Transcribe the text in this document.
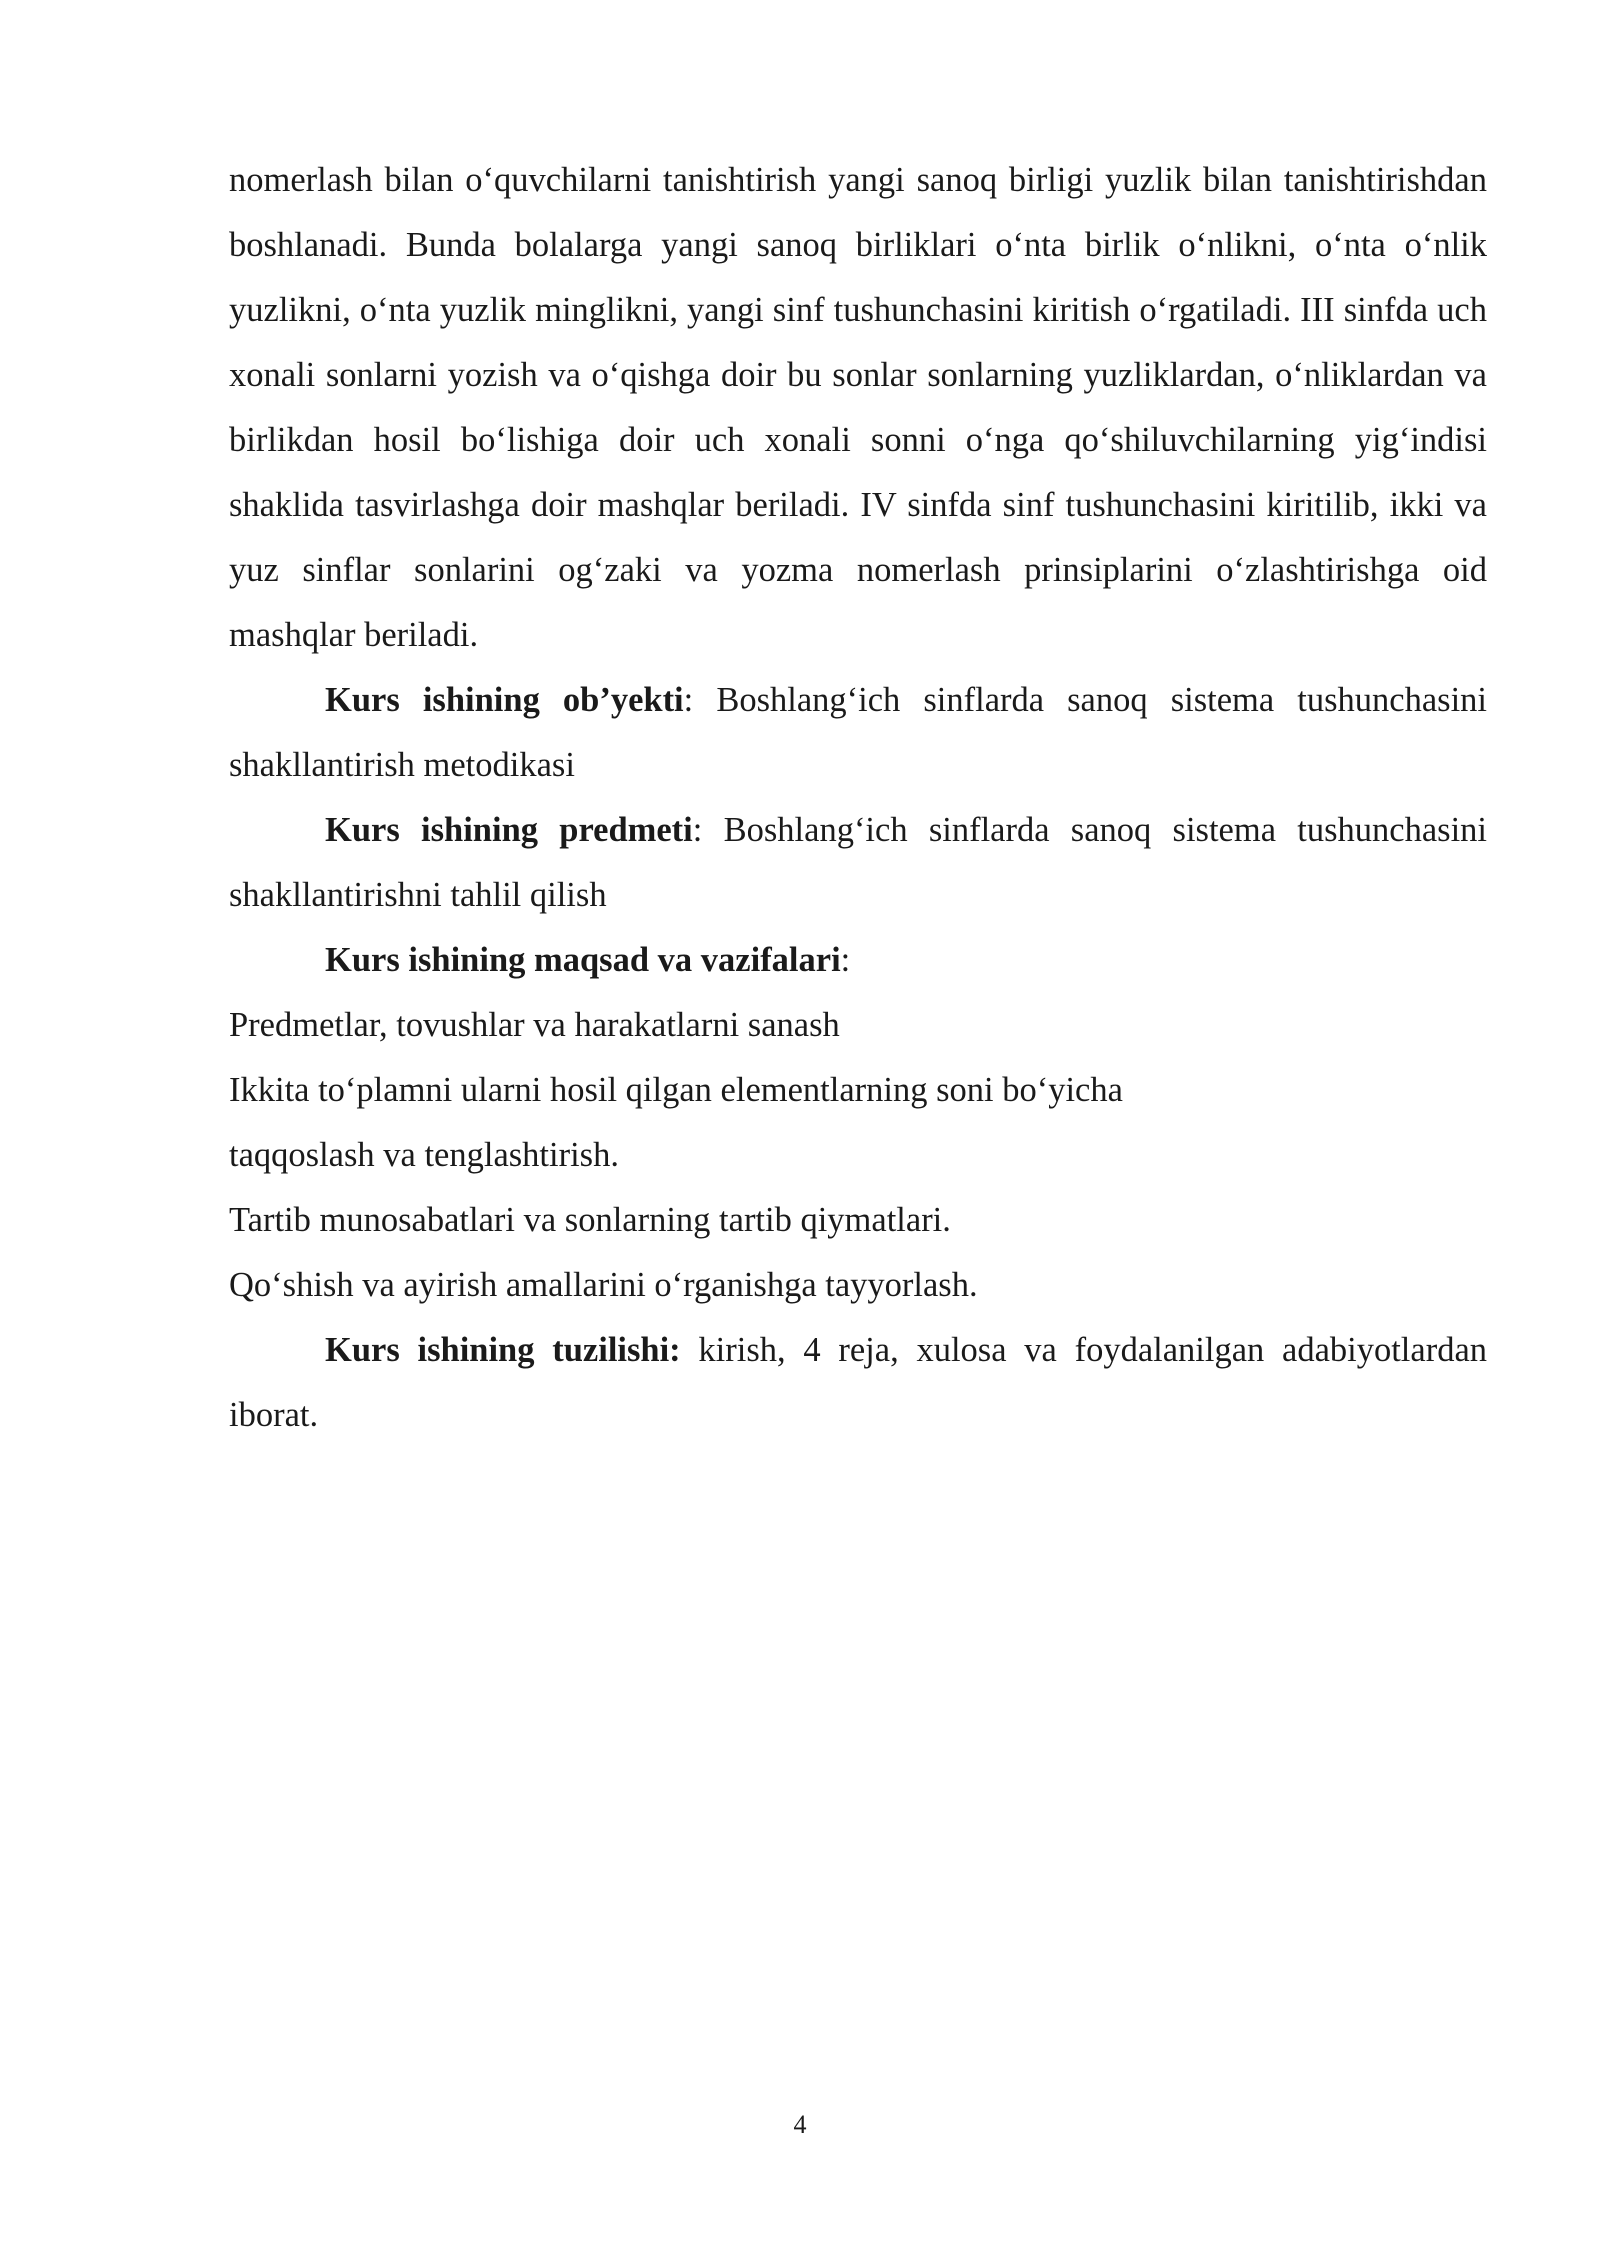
nomerlash bilan o‘quvchilarni tanishtirish yangi sanoq birligi yuzlik bilan tanishtirishdan boshlanadi. Bunda bolalarga yangi sanoq birliklari o‘nta birlik o‘nlikni, o‘nta o‘nlik yuzlikni, o‘nta yuzlik minglikni, yangi sinf tushunchasini kiritish o‘rgatiladi. III sinfda uch xonali sonlarni yozish va o‘qishga doir bu sonlar sonlarning yuzliklardan, o‘nliklardan va birlikdan hosil bo‘lishiga doir uch xonali sonni o‘nga qo‘shiluvchilarning yig‘indisi shaklida tasvirlashga doir mashqlar beriladi. IV sinfda sinf tushunchasini kiritilib, ikki va yuz sinflar sonlarini og‘zaki va yozma nomerlash prinsiplarini o‘zlashtirishga oid mashqlar beriladi.

Kurs ishining ob’yekti: Boshlang‘ich sinflarda sanoq sistema tushunchasini shakllantirish metodikasi

Kurs ishining predmeti: Boshlang‘ich sinflarda sanoq sistema tushunchasini shakllantirishni tahlil qilish

Kurs ishining maqsad va vazifalari:

Predmetlar, tovushlar va harakatlarni sanash

Ikkita to‘plamni ularni hosil qilgan elementlarning soni bo‘yicha

taqqoslash va tenglashtirish.

Tartib munosabatlari va sonlarning tartib qiymatlari.

Qo‘shish va ayirish amallarini o‘rganishga tayyorlash.

Kurs ishining tuzilishi: kirish, 4 reja, xulosa va foydalanilgan adabiyotlardan iborat.

4
